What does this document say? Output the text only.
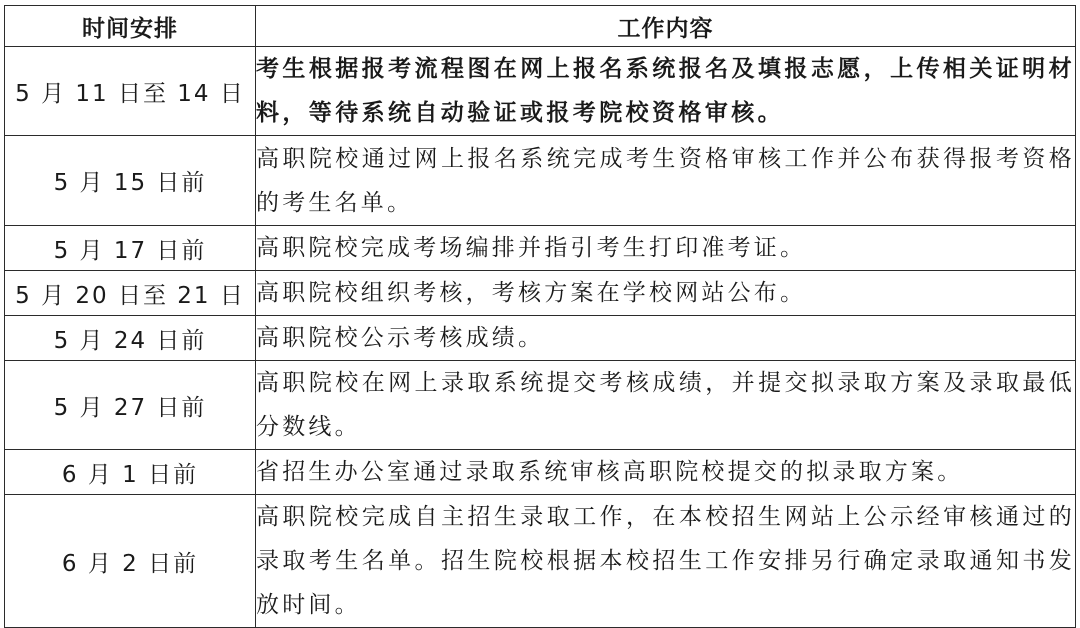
时间安排	工作内容
5 月 11 日至 14 日	考生根据报考流程图在网上报名系统报名及填报志愿，上传相关证明材料，等待系统自动验证或报考院校资格审核。
5 月 15 日前	高职院校通过网上报名系统完成考生资格审核工作并公布获得报考资格的考生名单。
5 月 17 日前	高职院校完成考场编排并指引考生打印准考证。
5 月 20 日至 21 日	高职院校组织考核，考核方案在学校网站公布。
5 月 24 日前	高职院校公示考核成绩。
5 月 27 日前	高职院校在网上录取系统提交考核成绩，并提交拟录取方案及录取最低分数线。
6 月 1 日前	省招生办公室通过录取系统审核高职院校提交的拟录取方案。
6 月 2 日前	高职院校完成自主招生录取工作，在本校招生网站上公示经审核通过的录取考生名单。招生院校根据本校招生工作安排另行确定录取通知书发放时间。
